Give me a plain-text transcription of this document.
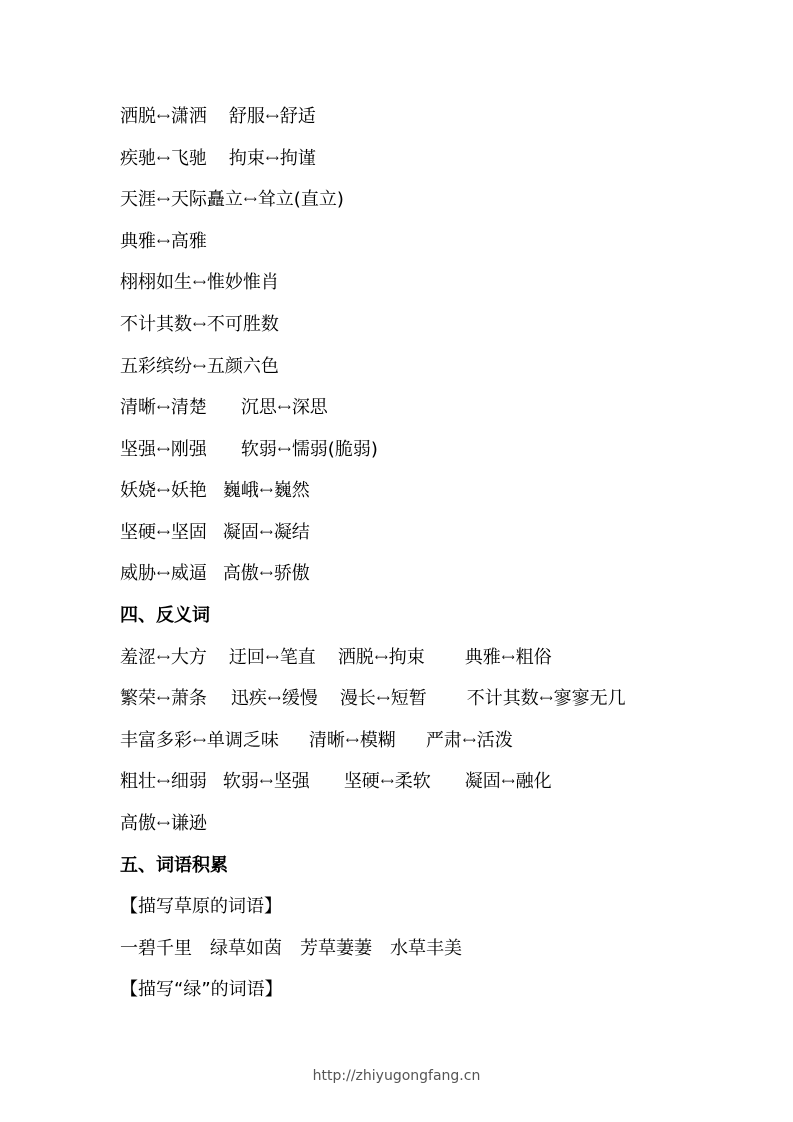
洒脱⟷潇洒 舒服⟷舒适
疾驰⟷飞驰 拘束⟷拘谨
天涯⟷天际矗立 ⟷耸立(直立)
典雅⟷高雅
栩栩如生⟷惟妙惟肖
不计其数⟷不可胜数
五彩缤纷⟷五颜六色
清晰⟷清楚 沉思⟷深思
坚强⟷刚强 软弱⟷懦弱(脆弱)
妖娆⟷妖艳 巍峨⟷巍然
坚硬⟷坚固 凝固⟷凝结
威胁⟷威逼 高傲⟷骄傲
四、反义词
羞涩⟷大方 迂回⟷笔直 洒脱⟷拘束 典雅⟷粗俗
繁荣⟷萧条 迅疾⟷缓慢 漫长⟷短暂 不计其数⟷寥寥无几
丰富多彩⟷单调乏味 清晰⟷模糊 严肃⟷活泼
粗壮⟷细弱 软弱⟷坚强 坚硬⟷柔软 凝固⟷融化
高傲⟷谦逊
五、词语积累
【描写草原的词语】
一碧千里　绿草如茵　芳草萋萋　水草丰美
【描写“绿”的词语】
http://zhiyugongfang.cn
